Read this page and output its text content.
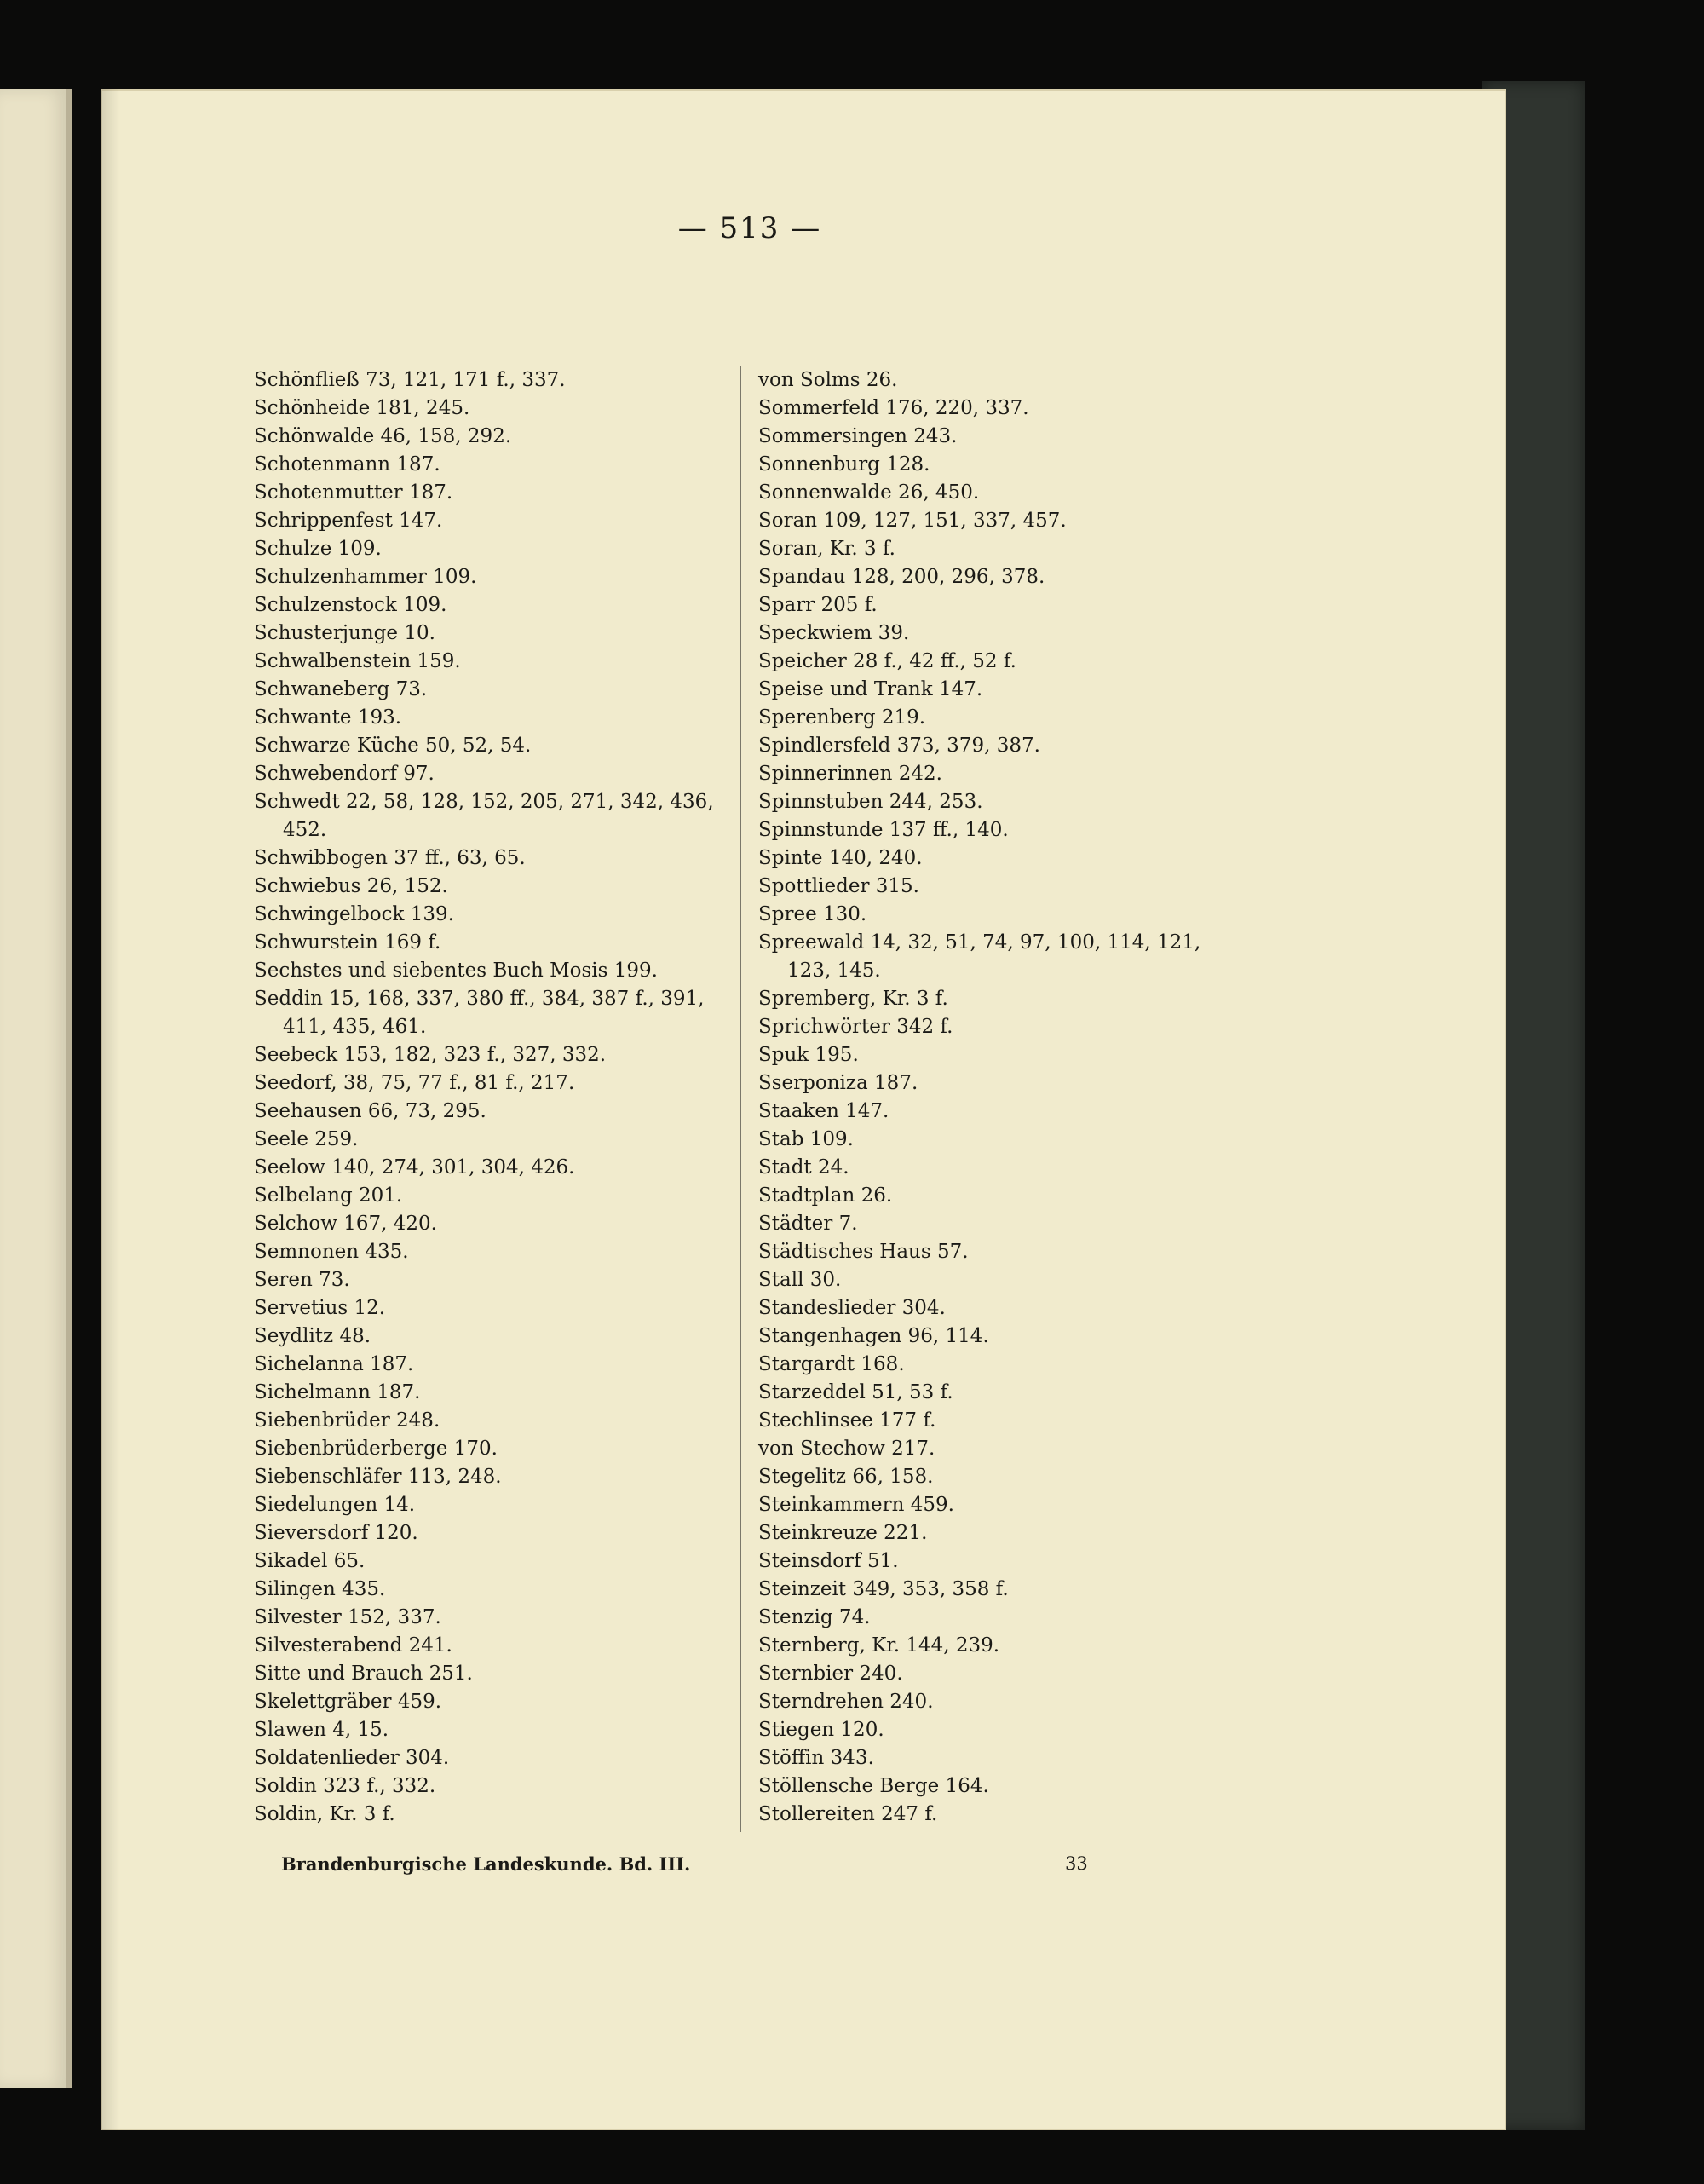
— 513 —
Schönfließ 73, 121, 171 f., 337.
Schönheide 181, 245.
Schönwalde 46, 158, 292.
Schotenmann 187.
Schotenmutter 187.
Schrippenfest 147.
Schulze 109.
Schulzenhammer 109.
Schulzenstock 109.
Schusterjunge 10.
Schwalbenstein 159.
Schwaneberg 73.
Schwante 193.
Schwarze Küche 50, 52, 54.
Schwebendorf 97.
Schwedt 22, 58, 128, 152, 205, 271, 342, 436,
452.
Schwibbogen 37 ff., 63, 65.
Schwiebus 26, 152.
Schwingelbock 139.
Schwurstein 169 f.
Sechstes und siebentes Buch Mosis 199.
Seddin 15, 168, 337, 380 ff., 384, 387 f., 391,
411, 435, 461.
Seebeck 153, 182, 323 f., 327, 332.
Seedorf, 38, 75, 77 f., 81 f., 217.
Seehausen 66, 73, 295.
Seele 259.
Seelow 140, 274, 301, 304, 426.
Selbelang 201.
Selchow 167, 420.
Semnonen 435.
Seren 73.
Servetius 12.
Seydlitz 48.
Sichelanna 187.
Sichelmann 187.
Siebenbrüder 248.
Siebenbrüderberge 170.
Siebenschläfer 113, 248.
Siedelungen 14.
Sieversdorf 120.
Sikadel 65.
Silingen 435.
Silvester 152, 337.
Silvesterabend 241.
Sitte und Brauch 251.
Skelettgräber 459.
Slawen 4, 15.
Soldatenlieder 304.
Soldin 323 f., 332.
Soldin, Kr. 3 f.
von Solms 26.
Sommerfeld 176, 220, 337.
Sommersingen 243.
Sonnenburg 128.
Sonnenwalde 26, 450.
Soran 109, 127, 151, 337, 457.
Soran, Kr. 3 f.
Spandau 128, 200, 296, 378.
Sparr 205 f.
Speckwiem 39.
Speicher 28 f., 42 ff., 52 f.
Speise und Trank 147.
Sperenberg 219.
Spindlersfeld 373, 379, 387.
Spinnerinnen 242.
Spinnstuben 244, 253.
Spinnstunde 137 ff., 140.
Spinte 140, 240.
Spottlieder 315.
Spree 130.
Spreewald 14, 32, 51, 74, 97, 100, 114, 121,
123, 145.
Spremberg, Kr. 3 f.
Sprichwörter 342 f.
Spuk 195.
Sserponiza 187.
Staaken 147.
Stab 109.
Stadt 24.
Stadtplan 26.
Städter 7.
Städtisches Haus 57.
Stall 30.
Standeslieder 304.
Stangenhagen 96, 114.
Stargardt 168.
Starzeddel 51, 53 f.
Stechlinsee 177 f.
von Stechow 217.
Stegelitz 66, 158.
Steinkammern 459.
Steinkreuze 221.
Steinsdorf 51.
Steinzeit 349, 353, 358 f.
Stenzig 74.
Sternberg, Kr. 144, 239.
Sternbier 240.
Sterndrehen 240.
Stiegen 120.
Stöffin 343.
Stöllensche Berge 164.
Stollereiten 247 f.
Brandenburgische Landeskunde. Bd. III.	33
